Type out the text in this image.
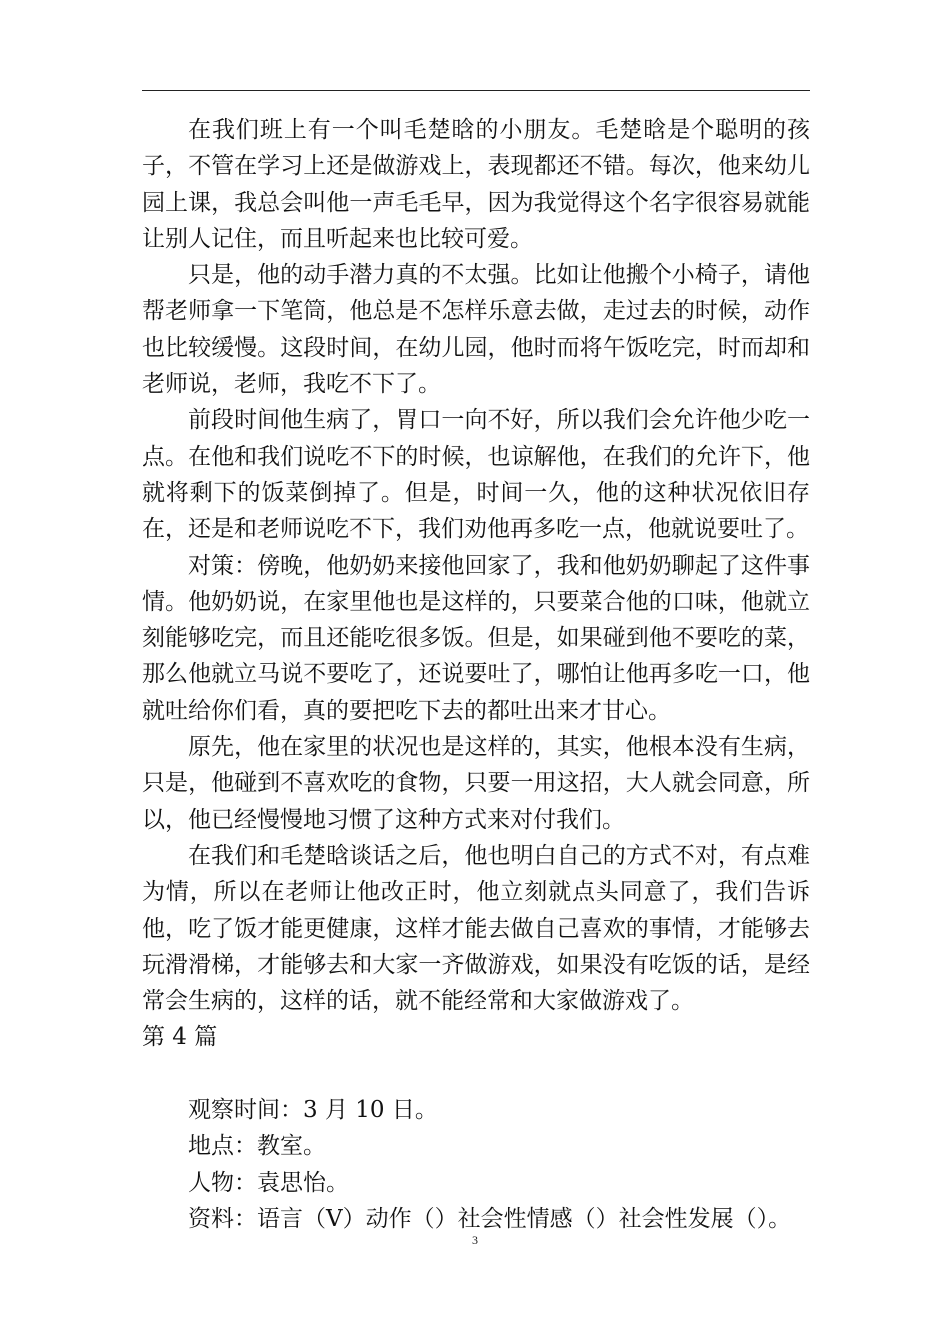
在我们班上有一个叫毛楚晗的小朋友。毛楚晗是个聪明的孩子，不管在学习上还是做游戏上，表现都还不错。每次，他来幼儿园上课，我总会叫他一声毛毛早，因为我觉得这个名字很容易就能让别人记住，而且听起来也比较可爱。

只是，他的动手潜力真的不太强。比如让他搬个小椅子，请他帮老师拿一下笔筒，他总是不怎样乐意去做，走过去的时候，动作也比较缓慢。这段时间，在幼儿园，他时而将午饭吃完，时而却和老师说，老师，我吃不下了。

前段时间他生病了，胃口一向不好，所以我们会允许他少吃一点。在他和我们说吃不下的时候，也谅解他，在我们的允许下，他就将剩下的饭菜倒掉了。但是，时间一久，他的这种状况依旧存在，还是和老师说吃不下，我们劝他再多吃一点，他就说要吐了。

对策：傍晚，他奶奶来接他回家了，我和他奶奶聊起了这件事情。他奶奶说，在家里他也是这样的，只要菜合他的口味，他就立刻能够吃完，而且还能吃很多饭。但是，如果碰到他不要吃的菜，那么他就立马说不要吃了，还说要吐了，哪怕让他再多吃一口，他就吐给你们看，真的要把吃下去的都吐出来才甘心。

原先，他在家里的状况也是这样的，其实，他根本没有生病，只是，他碰到不喜欢吃的食物，只要一用这招，大人就会同意，所以，他已经慢慢地习惯了这种方式来对付我们。

在我们和毛楚晗谈话之后，他也明白自己的方式不对，有点难为情，所以在老师让他改正时，他立刻就点头同意了，我们告诉他，吃了饭才能更健康，这样才能去做自己喜欢的事情，才能够去玩滑滑梯，才能够去和大家一齐做游戏，如果没有吃饭的话，是经常会生病的，这样的话，就不能经常和大家做游戏了。

第 4 篇

观察时间：3 月 10 日。

地点：教室。

人物：袁思怡。

资料：语言（V）动作（）社会性情感（）社会性发展（）。

3
